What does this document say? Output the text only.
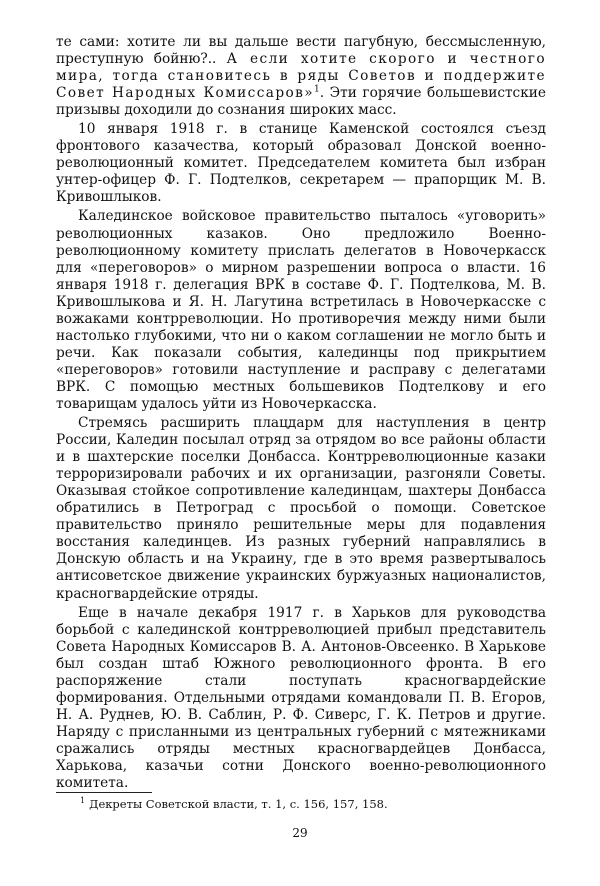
те сами: хотите ли вы дальше вести пагубную, бессмысленную, преступную бойню?.. А если хотите скорого и честного мира, тогда становитесь в ряды Советов и поддержите Совет Народных Комиссаров»$^1$. Эти горячие большевистские призывы доходили до сознания широких масс.

10 января 1918 г. в станице Каменской состоялся съезд фронтового казачества, который образовал Донской военно-революционный комитет. Председателем комитета был избран унтер-офицер Ф. Г. Подтелков, секретарем — прапорщик М. В. Кривошлыков.

Калединское войсковое правительство пыталось «уговорить» революционных казаков. Оно предложило Военно-революционному комитету прислать делегатов в Новочеркасск для «переговоров» о мирном разрешении вопроса о власти. 16 января 1918 г. делегация ВРК в составе Ф. Г. Подтелкова, М. В. Кривошлыкова и Я. Н. Лагутина встретилась в Новочеркасске с вожаками контрреволюции. Но противоречия между ними были настолько глубокими, что ни о каком соглашении не могло быть и речи. Как показали события, калединцы под прикрытием «переговоров» готовили наступление и расправу с делегатами ВРК. С помощью местных большевиков Подтелкову и его товарищам удалось уйти из Новочеркасска.

Стремясь расширить плацдарм для наступления в центр России, Каледин посылал отряд за отрядом во все районы области и в шахтерские поселки Донбасса. Контрреволюционные казаки терроризировали рабочих и их организации, разгоняли Советы. Оказывая стойкое сопротивление калединцам, шахтеры Донбасса обратились в Петроград с просьбой о помощи. Советское правительство приняло решительные меры для подавления восстания калединцев. Из разных губерний направлялись в Донскую область и на Украину, где в это время развертывалось антисоветское движение украинских буржуазных националистов, красногвардейские отряды.

Еще в начале декабря 1917 г. в Харьков для руководства борьбой с калединской контрреволюцией прибыл представитель Совета Народных Комиссаров В. А. Антонов-Овсеенко. В Харькове был создан штаб Южного революционного фронта. В его распоряжение стали поступать красногвардейские формирования. Отдельными отрядами командовали П. В. Егоров, Н. А. Руднев, Ю. В. Саблин, Р. Ф. Сиверс, Г. К. Петров и другие. Наряду с присланными из центральных губерний с мятежниками сражались отряды местных красногвардейцев Донбасса, Харькова, казачьи сотни Донского военно-революционного комитета.

$^1$ Декреты Советской власти, т. 1, с. 156, 157, 158.
29
